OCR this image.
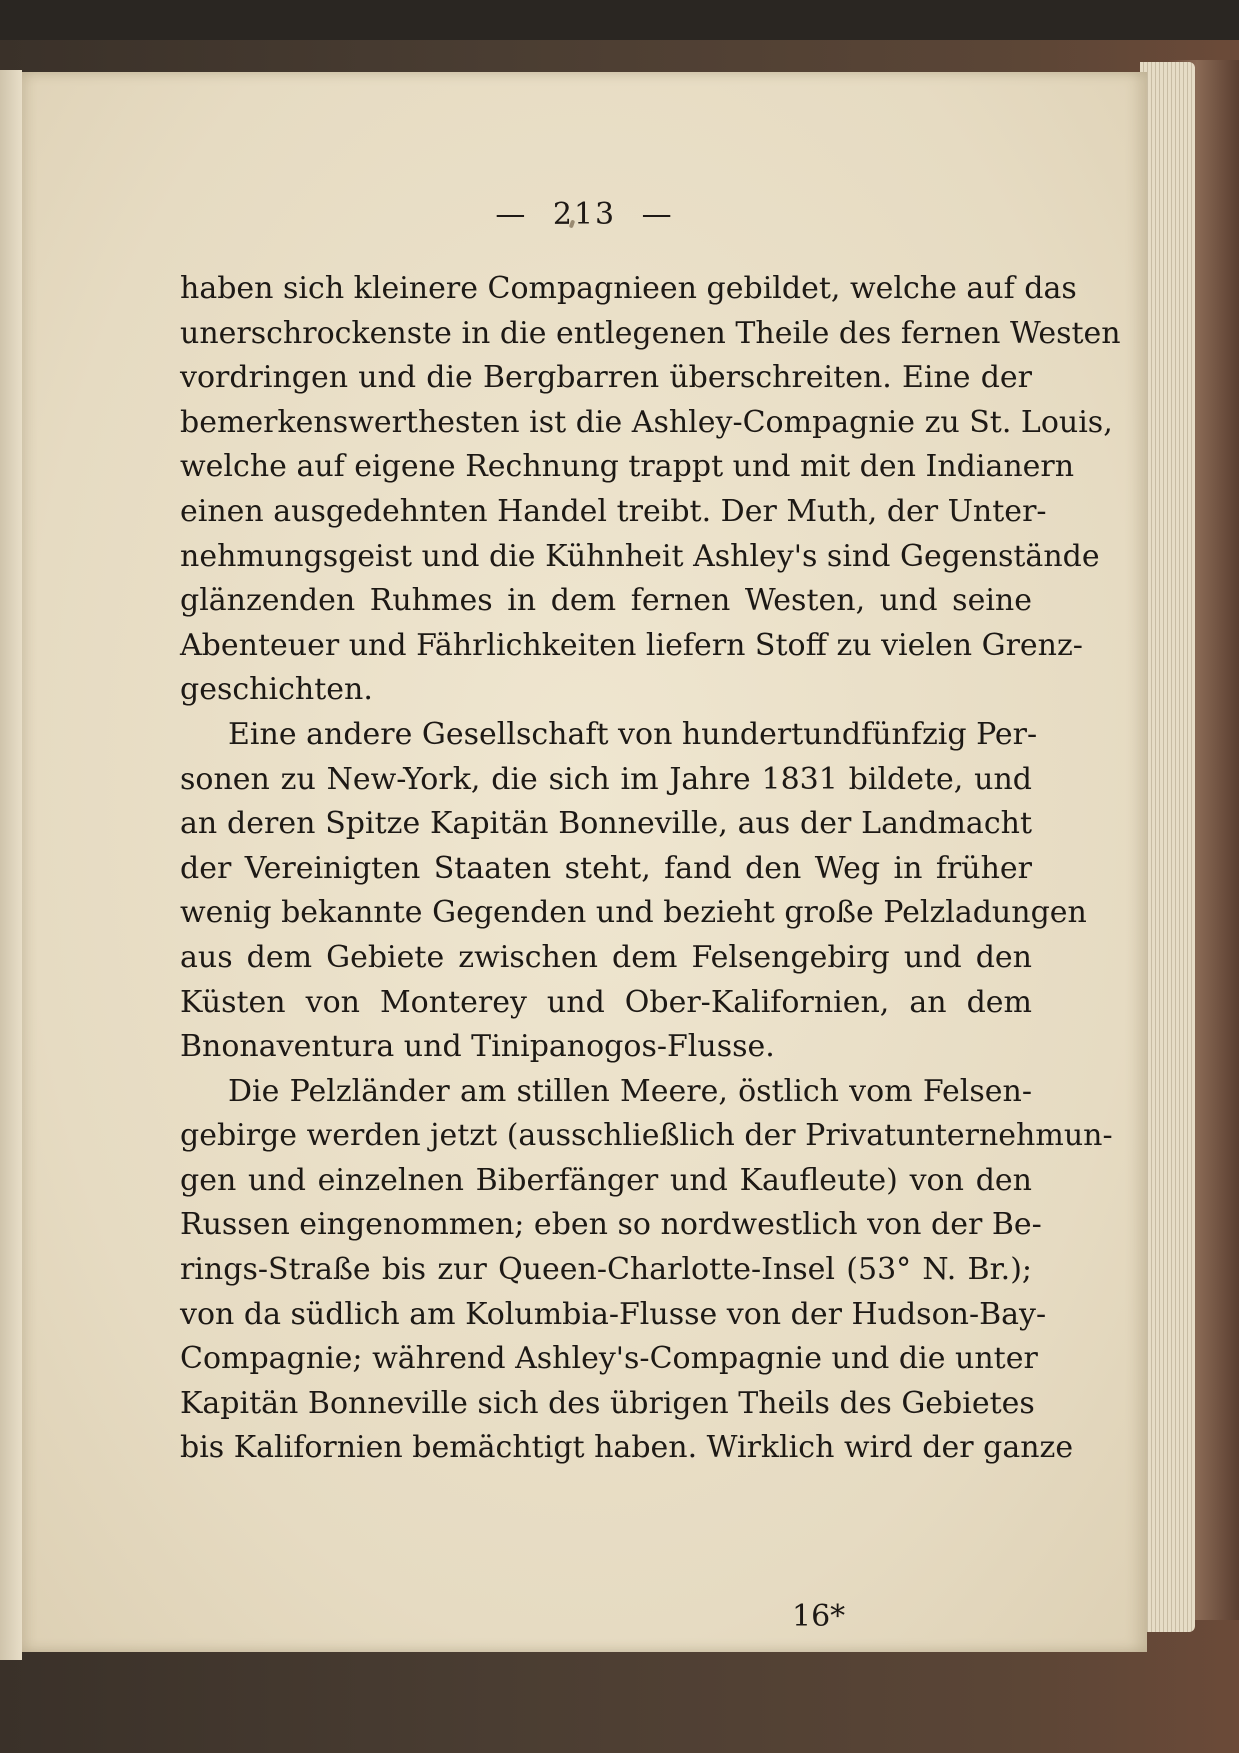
— 213 —
haben sich kleinere Compagnieen gebildet, welche auf das
unerschrockenste in die entlegenen Theile des fernen Westen
vordringen und die Bergbarren überschreiten. Eine der
bemerkenswerthesten ist die Ashley-Compagnie zu St. Louis,
welche auf eigene Rechnung trappt und mit den Indianern
einen ausgedehnten Handel treibt. Der Muth, der Unter-
nehmungsgeist und die Kühnheit Ashley's sind Gegenstände
glänzenden Ruhmes in dem fernen Westen, und seine
Abenteuer und Fährlichkeiten liefern Stoff zu vielen Grenz-
geschichten.
Eine andere Gesellschaft von hundertundfünfzig Per-
sonen zu New-York, die sich im Jahre 1831 bildete, und
an deren Spitze Kapitän Bonneville, aus der Landmacht
der Vereinigten Staaten steht, fand den Weg in früher
wenig bekannte Gegenden und bezieht große Pelzladungen
aus dem Gebiete zwischen dem Felsengebirg und den
Küsten von Monterey und Ober-Kalifornien, an dem
Bnonaventura und Tinipanogos-Flusse.
Die Pelzländer am stillen Meere, östlich vom Felsen-
gebirge werden jetzt (ausschließlich der Privatunternehmun-
gen und einzelnen Biberfänger und Kaufleute) von den
Russen eingenommen; eben so nordwestlich von der Be-
rings-Straße bis zur Queen-Charlotte-Insel (53° N. Br.);
von da südlich am Kolumbia-Flusse von der Hudson-Bay-
Compagnie; während Ashley's-Compagnie und die unter
Kapitän Bonneville sich des übrigen Theils des Gebietes
bis Kalifornien bemächtigt haben. Wirklich wird der ganze
16*
